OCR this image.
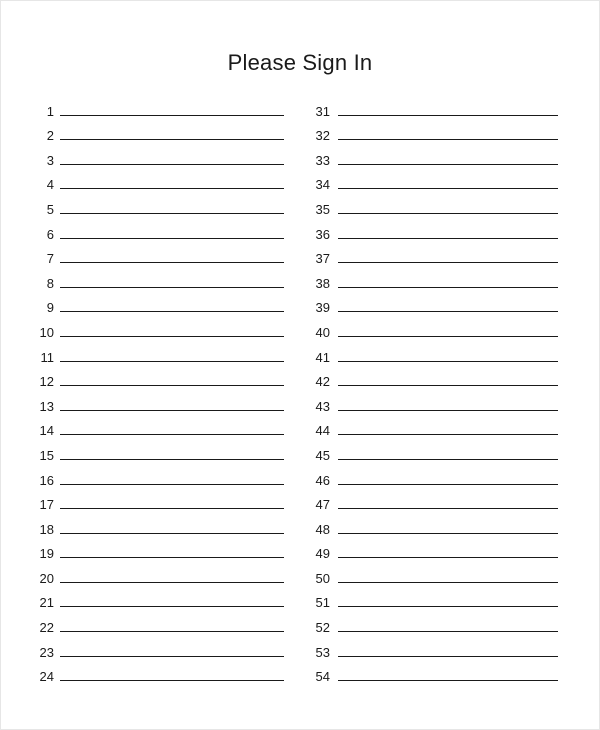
Please Sign In
1
2
3
4
5
6
7
8
9
10
11
12
13
14
15
16
17
18
19
20
21
22
23
24
31
32
33
34
35
36
37
38
39
40
41
42
43
44
45
46
47
48
49
50
51
52
53
54
